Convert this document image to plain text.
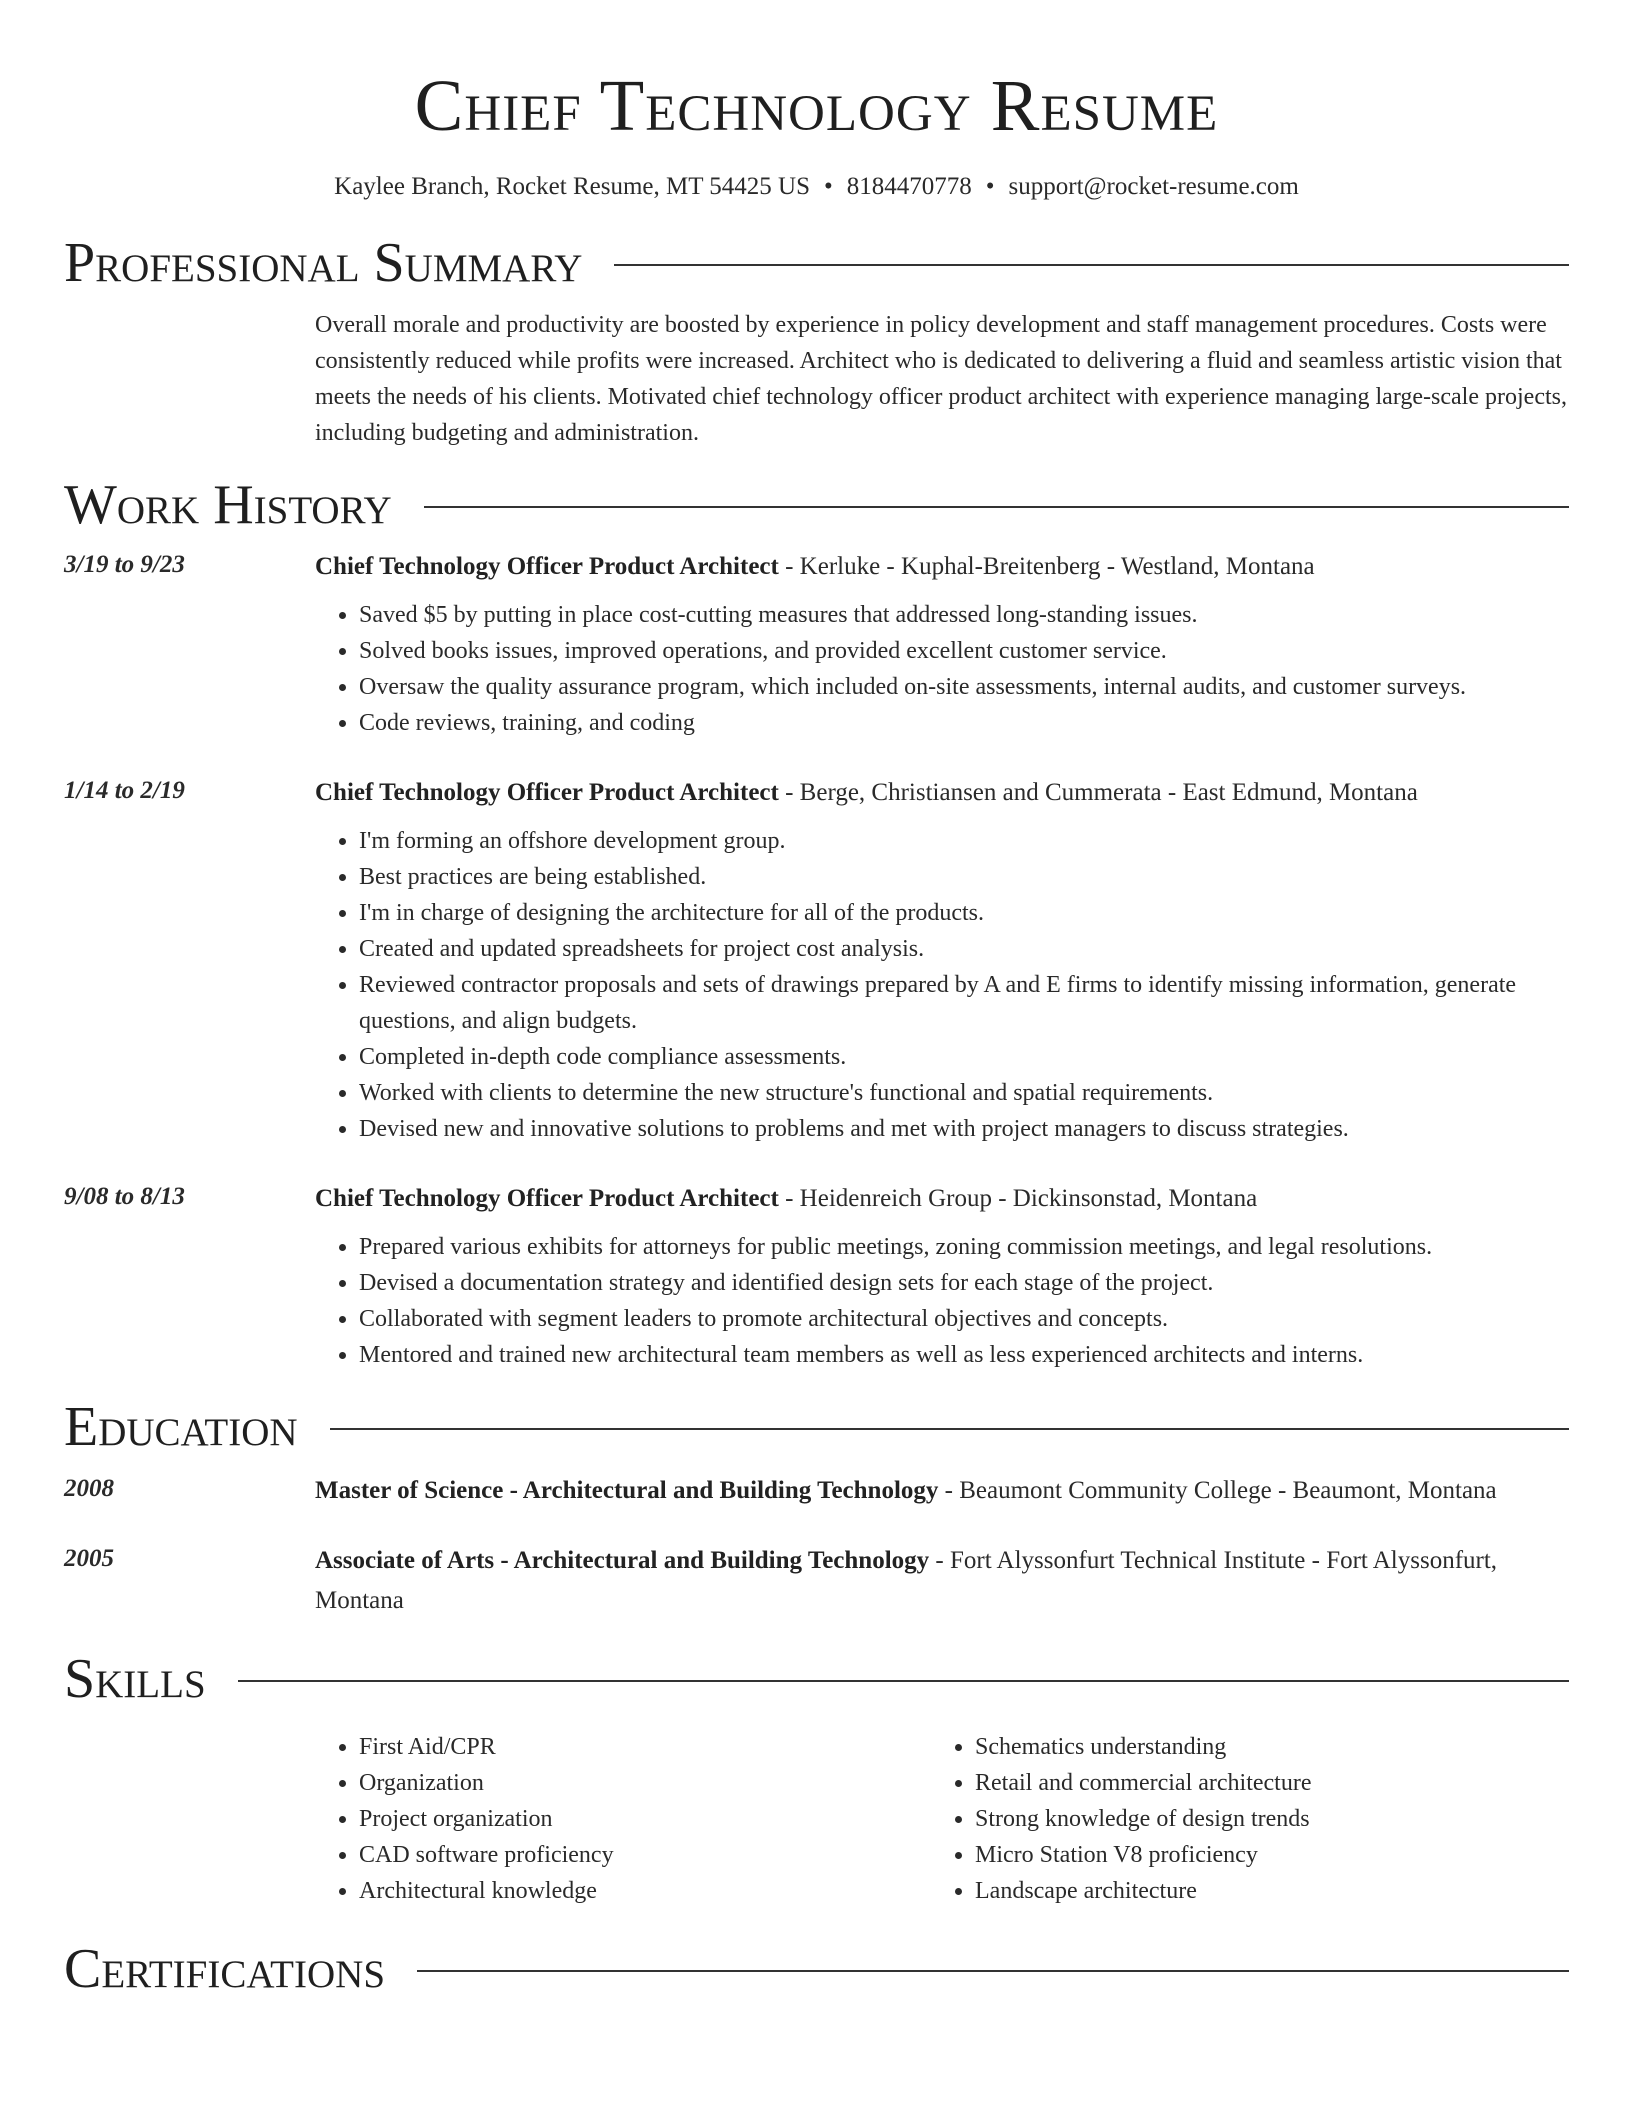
Chief Technology Resume
Kaylee Branch, Rocket Resume, MT 54425 US • 8184470778 • support@rocket-resume.com
Professional Summary

Overall morale and productivity are boosted by experience in policy development and staff management procedures. Costs were consistently reduced while profits were increased. Architect who is dedicated to delivering a fluid and seamless artistic vision that meets the needs of his clients. Motivated chief technology officer product architect with experience managing large-scale projects, including budgeting and administration.

Work History
3/19 to 9/23	Chief Technology Officer Product Architect - Kerluke - Kuphal-Breitenberg - Westland, Montana

• Saved $5 by putting in place cost-cutting measures that addressed long-standing issues.
• Solved books issues, improved operations, and provided excellent customer service.
• Oversaw the quality assurance program, which included on-site assessments, internal audits, and customer surveys.
• Code reviews, training, and coding
1/14 to 2/19	Chief Technology Officer Product Architect - Berge, Christiansen and Cummerata - East Edmund, Montana

• I'm forming an offshore development group.
• Best practices are being established.
• I'm in charge of designing the architecture for all of the products.
• Created and updated spreadsheets for project cost analysis.
• Reviewed contractor proposals and sets of drawings prepared by A and E firms to identify missing information, generate questions, and align budgets.
• Completed in-depth code compliance assessments.
• Worked with clients to determine the new structure's functional and spatial requirements.
• Devised new and innovative solutions to problems and met with project managers to discuss strategies.
9/08 to 8/13	Chief Technology Officer Product Architect - Heidenreich Group - Dickinsonstad, Montana

• Prepared various exhibits for attorneys for public meetings, zoning commission meetings, and legal resolutions.
• Devised a documentation strategy and identified design sets for each stage of the project.
• Collaborated with segment leaders to promote architectural objectives and concepts.
• Mentored and trained new architectural team members as well as less experienced architects and interns.
Education
2008	Master of Science - Architectural and Building Technology - Beaumont Community College - Beaumont, Montana

2005	Associate of Arts - Architectural and Building Technology - Fort Alyssonfurt Technical Institute - Fort Alyssonfurt, Montana

Skills
• First Aid/CPR
• Organization
• Project organization
• CAD software proficiency
• Architectural knowledge
• Schematics understanding
• Retail and commercial architecture
• Strong knowledge of design trends
• Micro Station V8 proficiency
• Landscape architecture
Certifications
